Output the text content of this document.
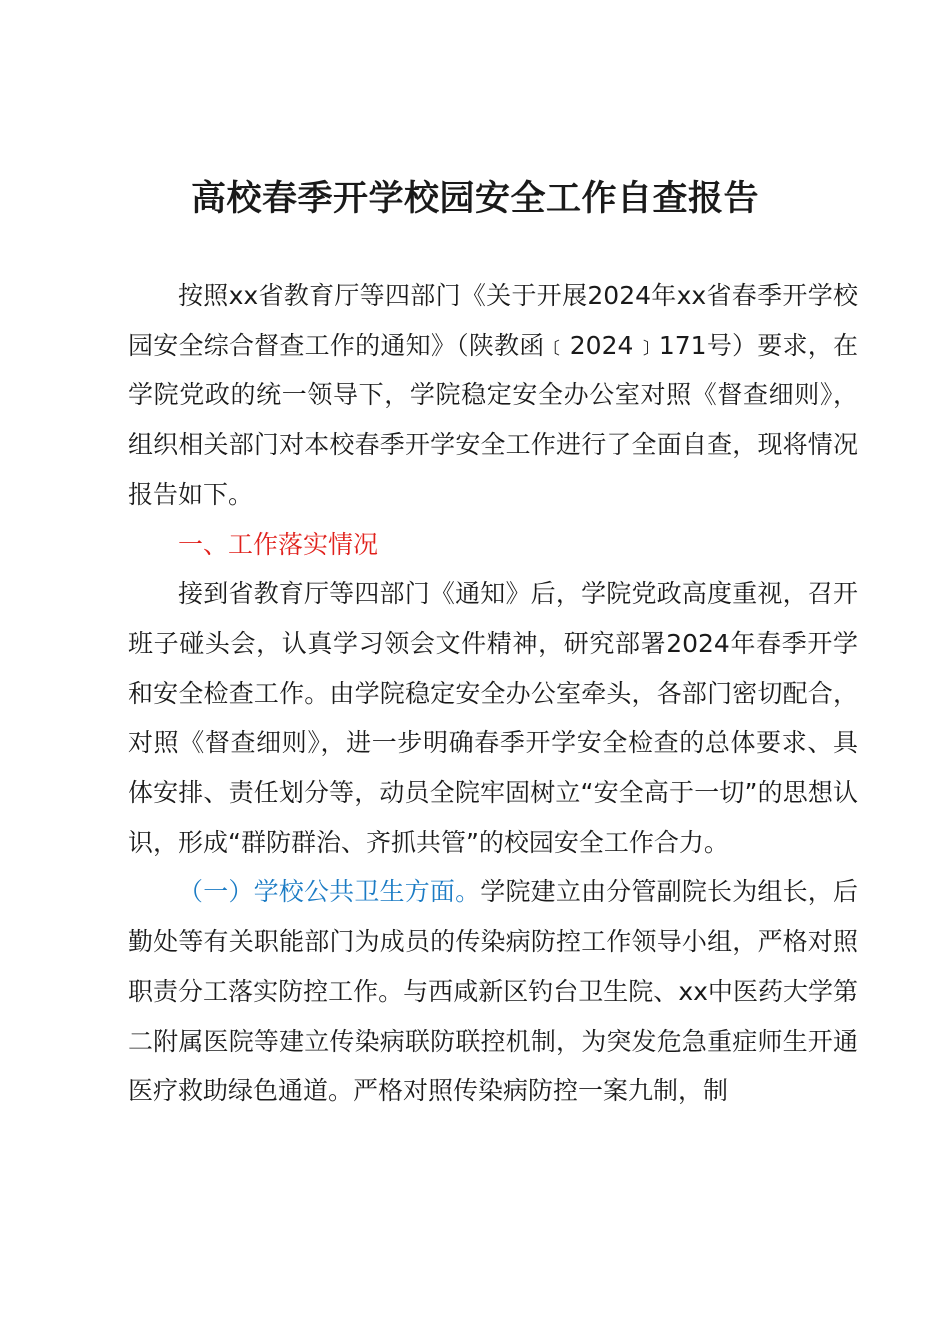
高校春季开学校园安全工作自查报告

按照xx省教育厅等四部门《关于开展2024年xx省春季开学校园安全综合督查工作的通知》（陕教函﹝2024﹞171号）要求，在学院党政的统一领导下，学院稳定安全办公室对照《督查细则》，组织相关部门对本校春季开学安全工作进行了全面自查，现将情况报告如下。

一、工作落实情况

接到省教育厅等四部门《通知》后，学院党政高度重视，召开班子碰头会，认真学习领会文件精神，研究部署2024年春季开学和安全检查工作。由学院稳定安全办公室牵头，各部门密切配合，对照《督查细则》，进一步明确春季开学安全检查的总体要求、具体安排、责任划分等，动员全院牢固树立“安全高于一切”的思想认识，形成“群防群治、齐抓共管”的校园安全工作合力。

（一）学校公共卫生方面。学院建立由分管副院长为组长，后勤处等有关职能部门为成员的传染病防控工作领导小组，严格对照职责分工落实防控工作。与西咸新区钓台卫生院、xx中医药大学第二附属医院等建立传染病联防联控机制，为突发危急重症师生开通医疗救助绿色通道。严格对照传染病防控一案九制，制
